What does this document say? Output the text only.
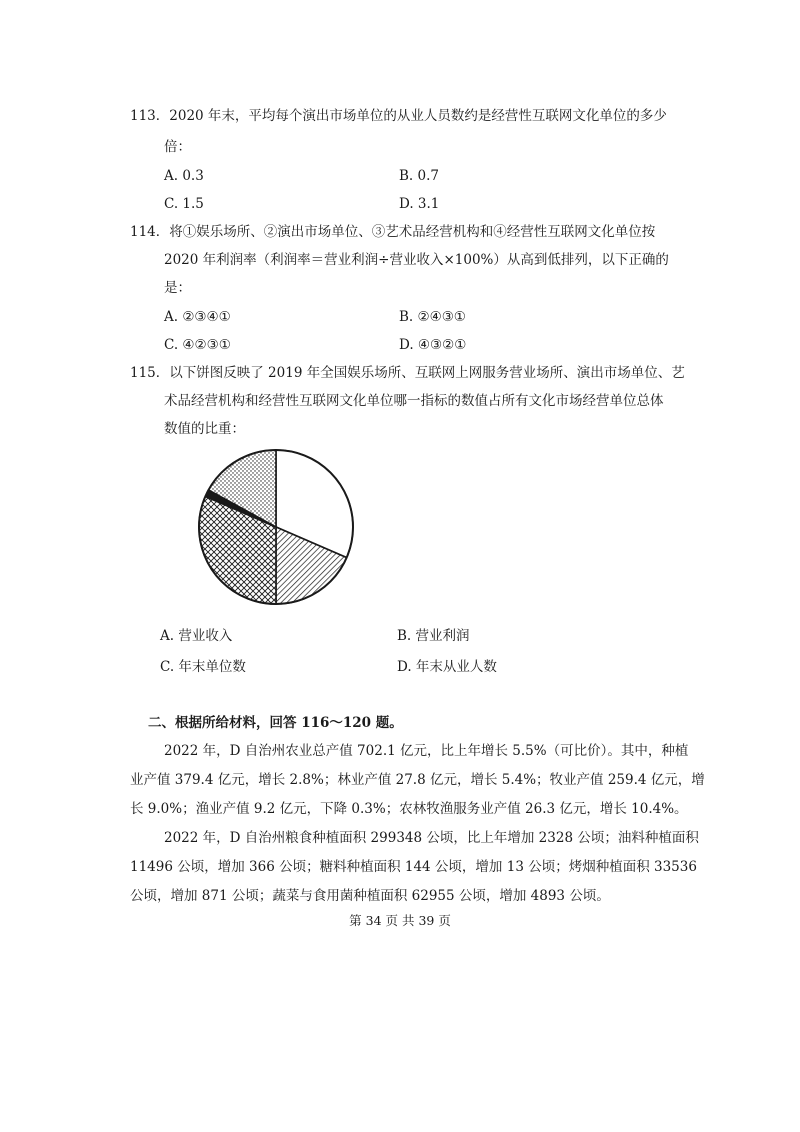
113．2020 年末，平均每个演出市场单位的从业人员数约是经营性互联网文化单位的多少
倍：
A. 0.3	B. 0.7
C. 1.5	D. 3.1
114．将①娱乐场所、②演出市场单位、③艺术品经营机构和④经营性互联网文化单位按
2020 年利润率（利润率＝营业利润÷营业收入×100%）从高到低排列，以下正确的
是：
A. ②③④①	B. ②④③①
C. ④②③①	D. ④③②①
115．以下饼图反映了 2019 年全国娱乐场所、互联网上网服务营业场所、演出市场单位、艺
术品经营机构和经营性互联网文化单位哪一指标的数值占所有文化市场经营单位总体
数值的比重：
A. 营业收入	B. 营业利润
C. 年末单位数	D. 年末从业人数
二、根据所给材料，回答 116～120 题。
2022 年，D 自治州农业总产值 702.1 亿元，比上年增长 5.5%（可比价）。其中，种植
业产值 379.4 亿元，增长 2.8%；林业产值 27.8 亿元，增长 5.4%；牧业产值 259.4 亿元，增
长 9.0%；渔业产值 9.2 亿元，下降 0.3%；农林牧渔服务业产值 26.3 亿元，增长 10.4%。
2022 年，D 自治州粮食种植面积 299348 公顷，比上年增加 2328 公顷；油料种植面积
11496 公顷，增加 366 公顷；糖料种植面积 144 公顷，增加 13 公顷；烤烟种植面积 33536
公顷，增加 871 公顷；蔬菜与食用菌种植面积 62955 公顷，增加 4893 公顷。
第 34 页 共 39 页
